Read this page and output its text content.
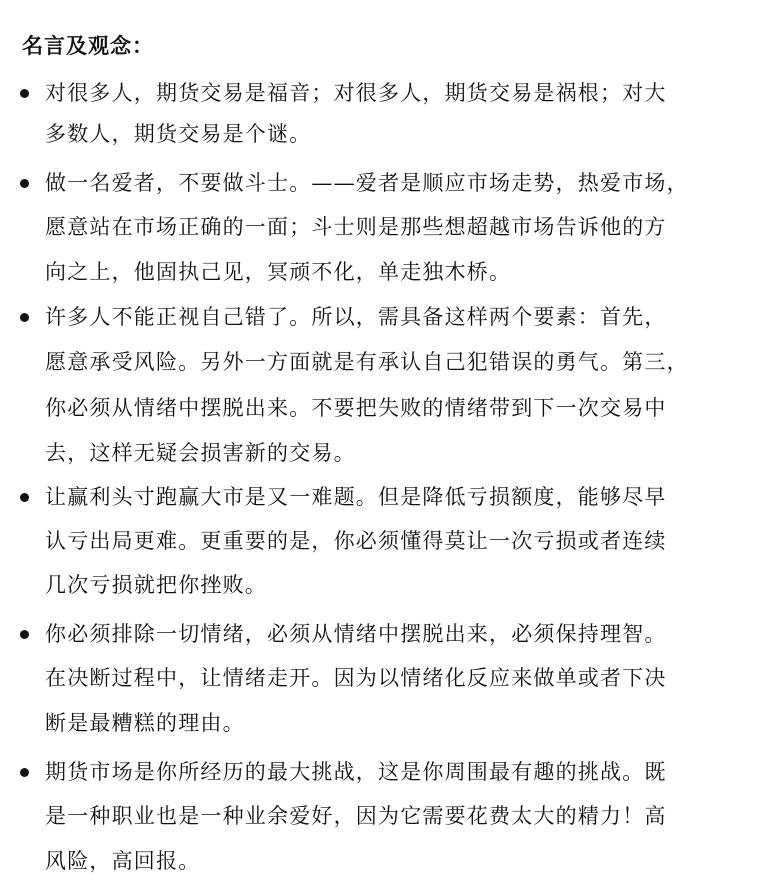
名言及观念：
对很多人，期货交易是福音；对很多人，期货交易是祸根；对大
多数人，期货交易是个谜。
做一名爱者，不要做斗士。——爱者是顺应市场走势，热爱市场，
愿意站在市场正确的一面；斗士则是那些想超越市场告诉他的方
向之上，他固执己见，冥顽不化，单走独木桥。
许多人不能正视自己错了。所以，需具备这样两个要素：首先，
愿意承受风险。另外一方面就是有承认自己犯错误的勇气。第三，
你必须从情绪中摆脱出来。不要把失败的情绪带到下一次交易中
去，这样无疑会损害新的交易。
让赢利头寸跑赢大市是又一难题。但是降低亏损额度，能够尽早
认亏出局更难。更重要的是，你必须懂得莫让一次亏损或者连续
几次亏损就把你挫败。
你必须排除一切情绪，必须从情绪中摆脱出来，必须保持理智。
在决断过程中，让情绪走开。因为以情绪化反应来做单或者下决
断是最糟糕的理由。
期货市场是你所经历的最大挑战，这是你周围最有趣的挑战。既
是一种职业也是一种业余爱好，因为它需要花费太大的精力！高
风险，高回报。
